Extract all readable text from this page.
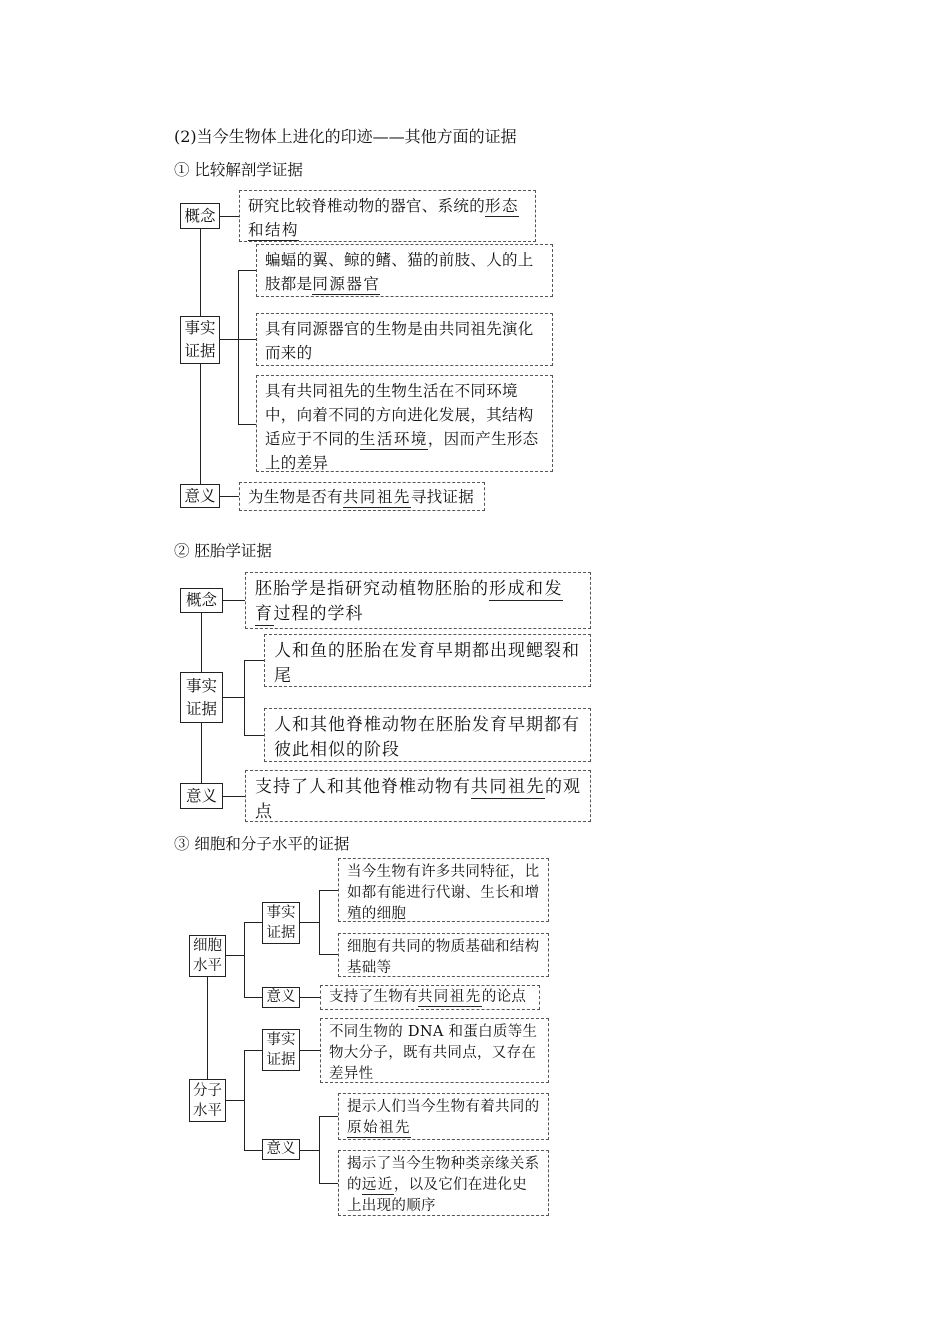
(2)当今生物体上进化的印迹——其他方面的证据
① 比较解剖学证据
概念
研究比较脊椎动物的器官、系统的形态和结构
事实证据
蝙蝠的翼、鲸的鳍、猫的前肢、人的上肢都是同源器官
具有同源器官的生物是由共同祖先演化而来的
具有共同祖先的生物生活在不同环境中，向着不同的方向进化发展，其结构适应于不同的生活环境，因而产生形态上的差异
意义	为生物是否有共同祖先寻找证据
② 胚胎学证据
概念
胚胎学是指研究动植物胚胎的形成和发育过程的学科
事实证据
人和鱼的胚胎在发育早期都出现鳃裂和尾
人和其他脊椎动物在胚胎发育早期都有彼此相似的阶段
意义	支持了人和其他脊椎动物有共同祖先的观点
③ 细胞和分子水平的证据
细胞水平
事实证据
当今生物有许多共同特征，比如都有能进行代谢、生长和增殖的细胞
细胞有共同的物质基础和结构基础等
意义	支持了生物有共同祖先的论点
分子水平
事实证据
不同生物的 DNA 和蛋白质等生物大分子，既有共同点，又存在差异性
意义
提示人们当今生物有着共同的原始祖先
揭示了当今生物种类亲缘关系的远近，以及它们在进化史上出现的顺序
